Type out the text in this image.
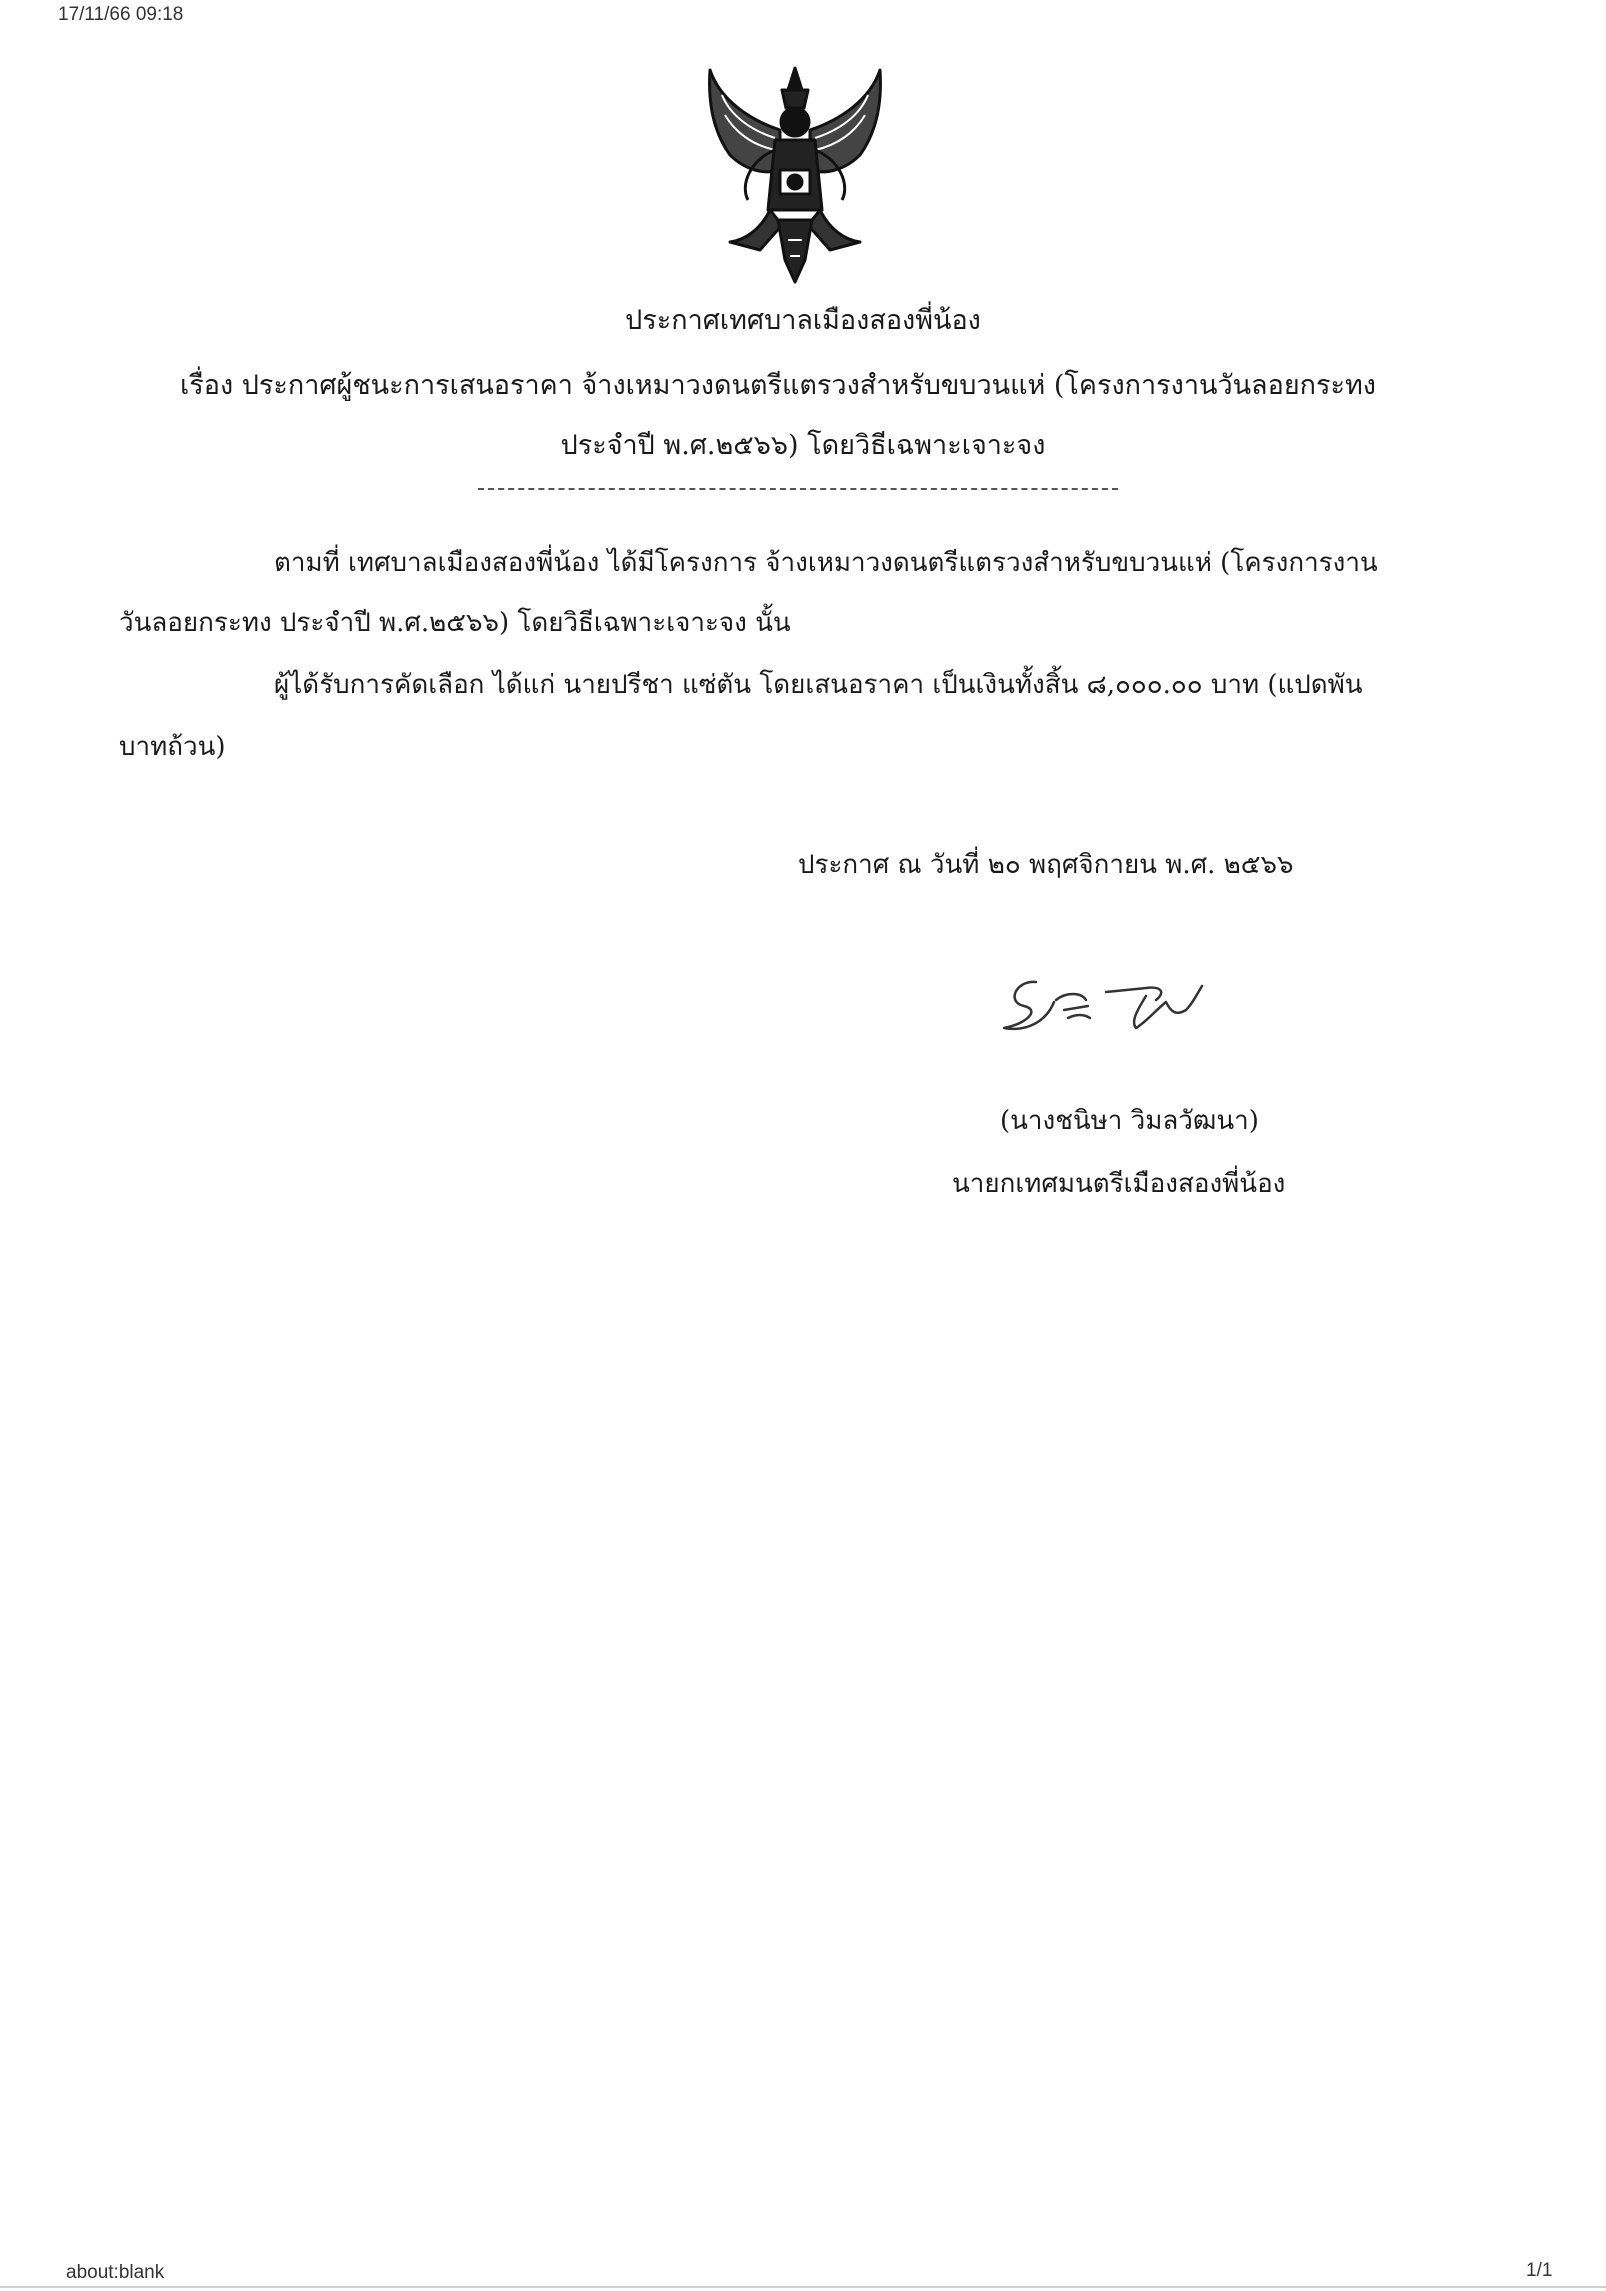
17/11/66 09:18
ประกาศเทศบาลเมืองสองพี่น้อง
เรื่อง ประกาศผู้ชนะการเสนอราคา จ้างเหมาวงดนตรีแตรวงสำหรับขบวนแห่ (โครงการงานวันลอยกระทง
ประจำปี พ.ศ.๒๕๖๖) โดยวิธีเฉพาะเจาะจง
ตามที่ เทศบาลเมืองสองพี่น้อง ได้มีโครงการ จ้างเหมาวงดนตรีแตรวงสำหรับขบวนแห่ (โครงการงาน
วันลอยกระทง ประจำปี พ.ศ.๒๕๖๖) โดยวิธีเฉพาะเจาะจง นั้น
ผู้ได้รับการคัดเลือก ได้แก่ นายปรีชา แซ่ตัน โดยเสนอราคา เป็นเงินทั้งสิ้น ๘,๐๐๐.๐๐ บาท (แปดพัน
บาทถ้วน)
ประกาศ ณ วันที่ ๒๐ พฤศจิกายน พ.ศ. ๒๕๖๖
(นางชนิษา วิมลวัฒนา)
นายกเทศมนตรีเมืองสองพี่น้อง
about:blank	1/1
